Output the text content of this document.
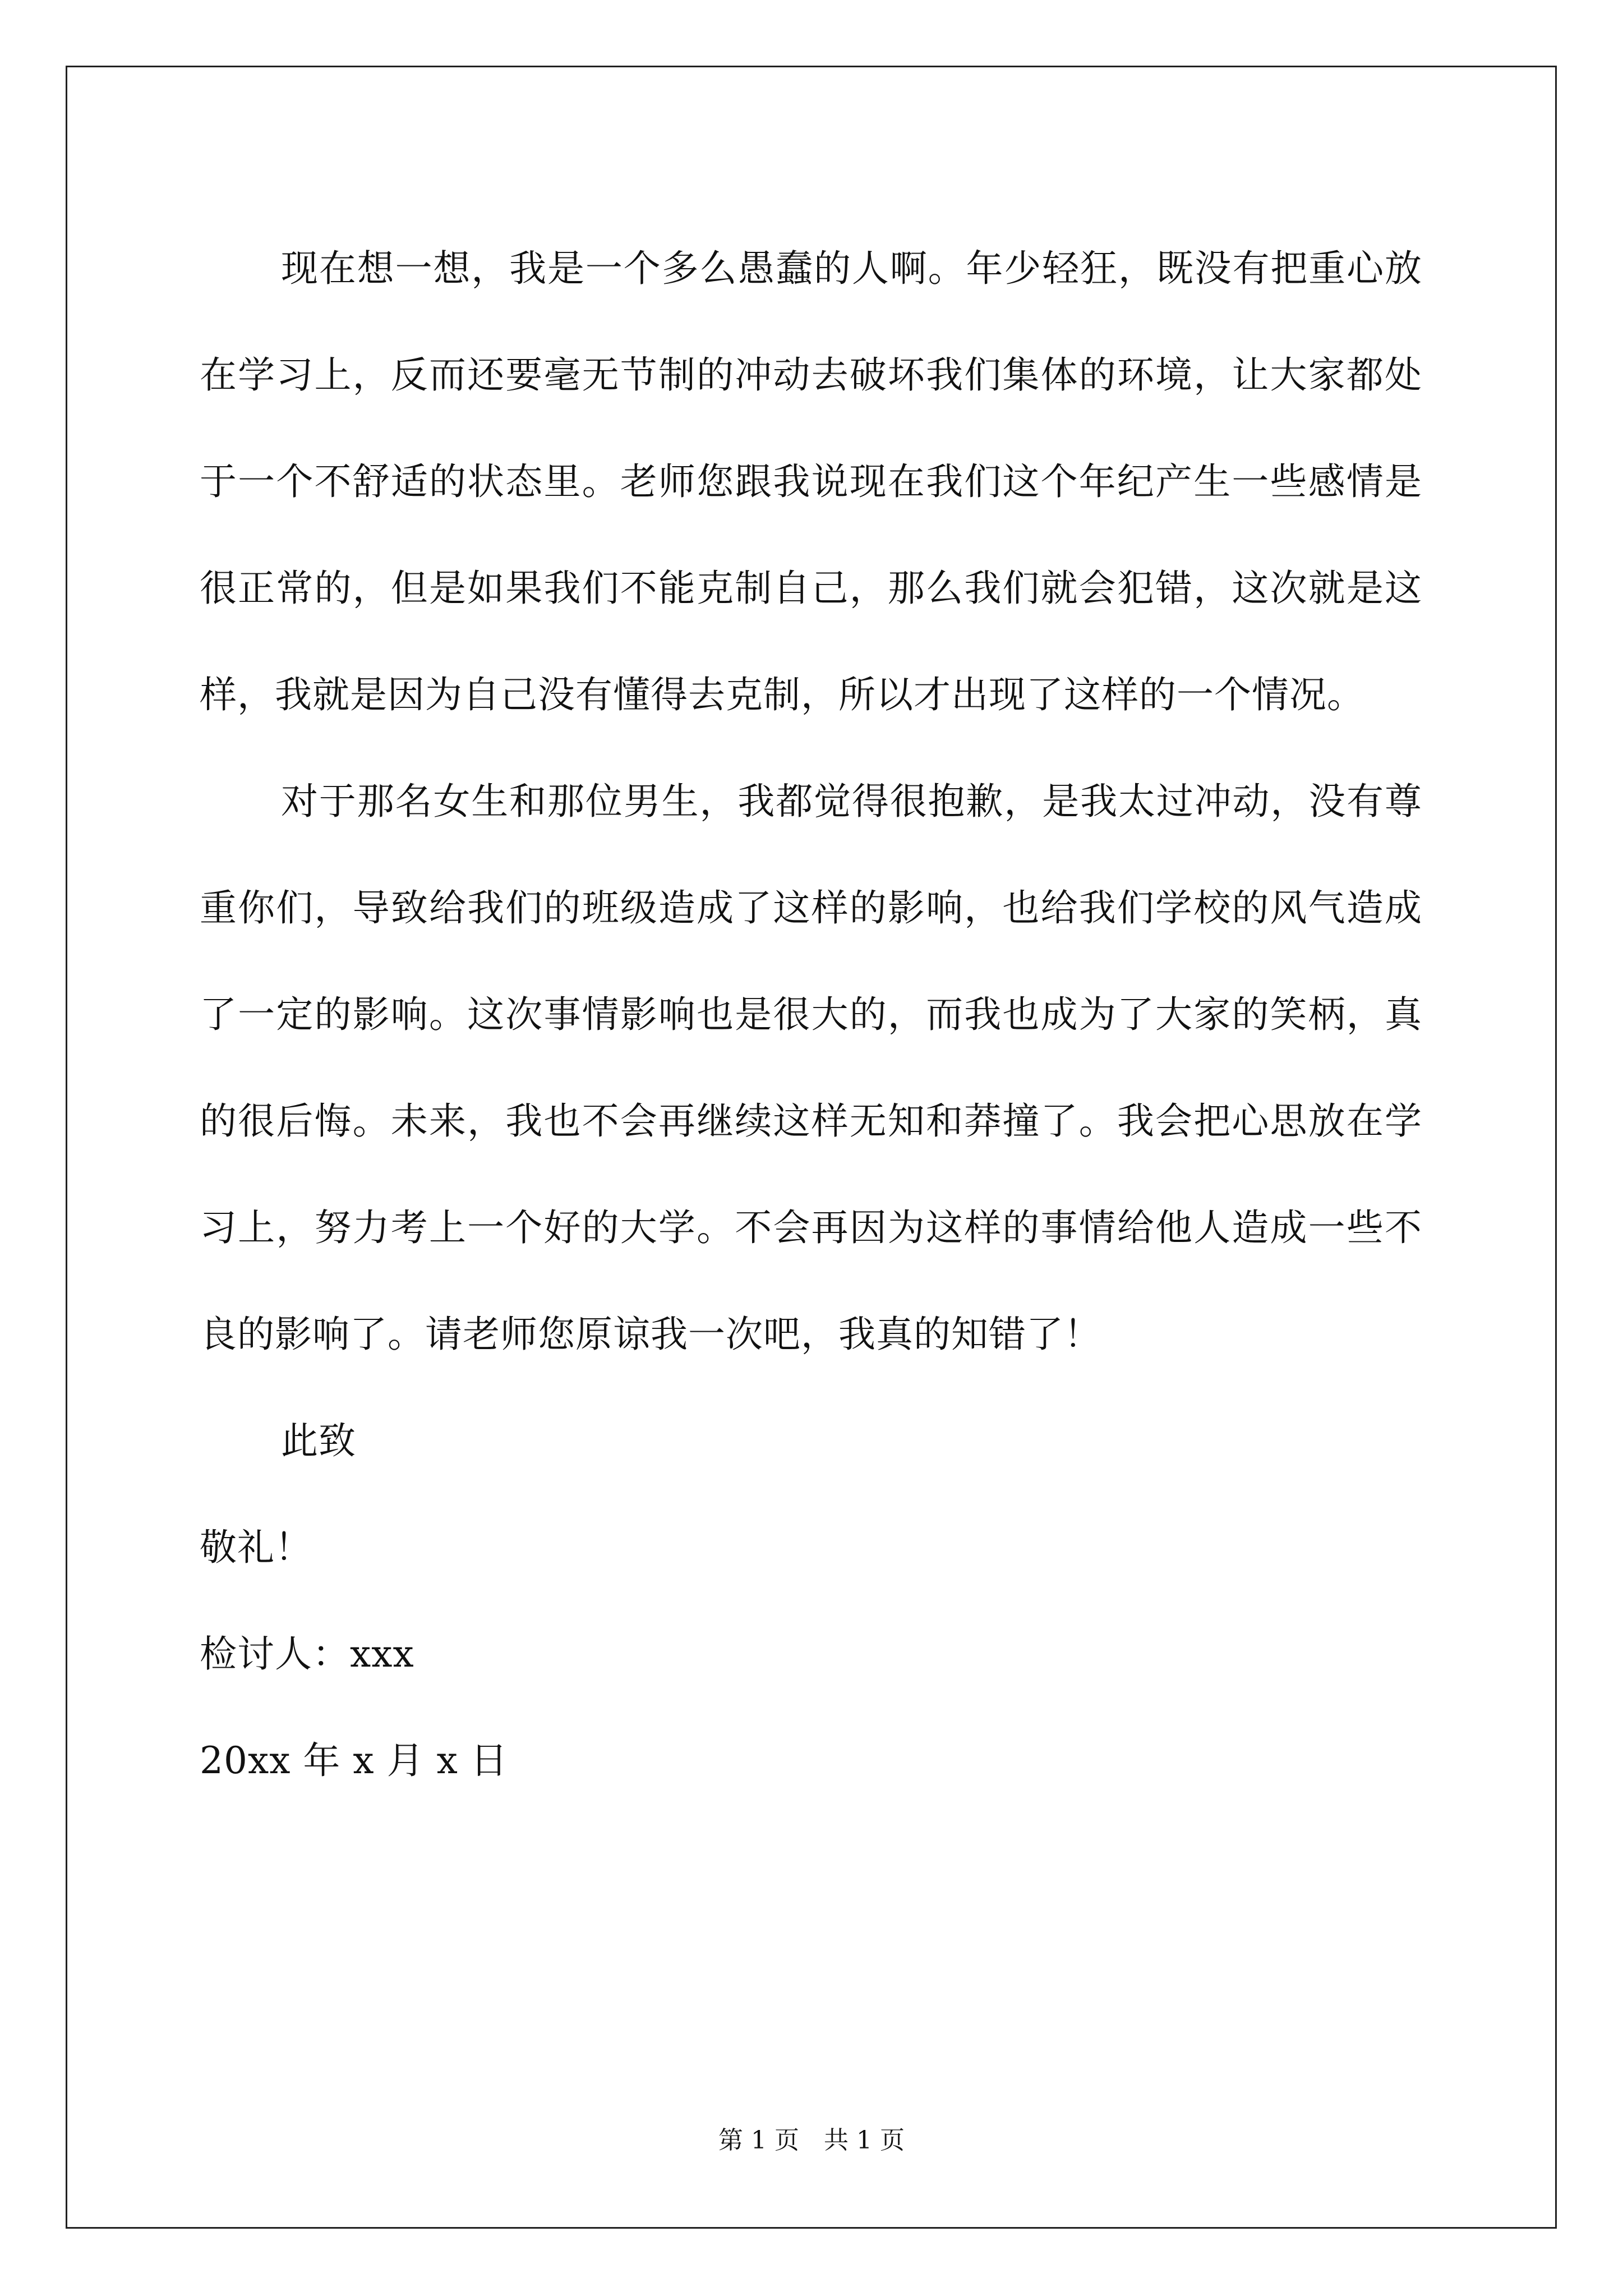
现在想一想，我是一个多么愚蠢的人啊。年少轻狂，既没有把重心放在学习上，反而还要毫无节制的冲动去破坏我们集体的环境，让大家都处于一个不舒适的状态里。老师您跟我说现在我们这个年纪产生一些感情是很正常的，但是如果我们不能克制自己，那么我们就会犯错，这次就是这样，我就是因为自己没有懂得去克制，所以才出现了这样的一个情况。

对于那名女生和那位男生，我都觉得很抱歉，是我太过冲动，没有尊重你们，导致给我们的班级造成了这样的影响，也给我们学校的风气造成了一定的影响。这次事情影响也是很大的，而我也成为了大家的笑柄，真的很后悔。未来，我也不会再继续这样无知和莽撞了。我会把心思放在学习上，努力考上一个好的大学。不会再因为这样的事情给他人造成一些不良的影响了。请老师您原谅我一次吧，我真的知错了！

此致

敬礼！

检讨人：xxx

20xx 年 x 月 x 日

第 1 页　共 1 页
